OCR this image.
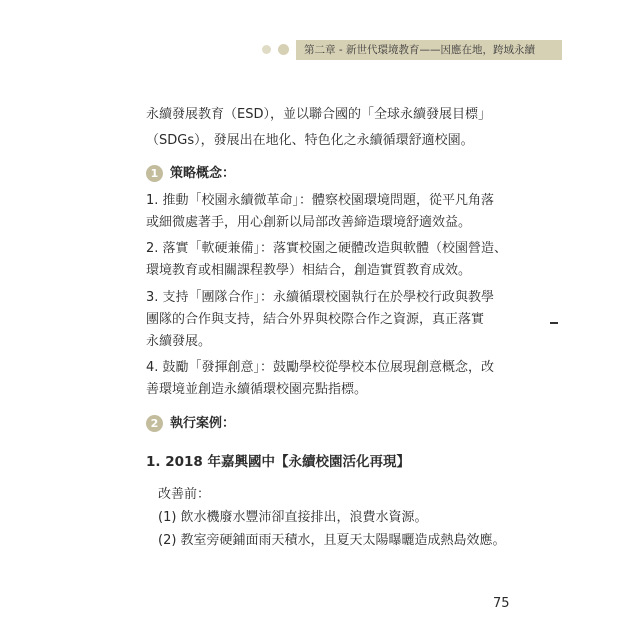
第二章 - 新世代環境教育——因應在地，跨域永續
永續發展教育（ESD），並以聯合國的「全球永續發展目標」
（SDGs），發展出在地化、特色化之永續循環舒適校園。
1 策略概念：
1. 推動「校園永續微革命」：體察校園環境問題，從平凡角落
或細微處著手，用心創新以局部改善締造環境舒適效益。
2. 落實「軟硬兼備」：落實校園之硬體改造與軟體（校園營造、
環境教育或相關課程教學）相結合，創造實質教育成效。
3. 支持「團隊合作」：永續循環校園執行在於學校行政與教學
團隊的合作與支持，結合外界與校際合作之資源，真正落實
永續發展。
4. 鼓勵「發揮創意」：鼓勵學校從學校本位展現創意概念，改
善環境並創造永續循環校園亮點指標。
2 執行案例：
1. 2018 年嘉興國中【永續校園活化再現】
改善前：
(1) 飲水機廢水豐沛卻直接排出，浪費水資源。
(2) 教室旁硬鋪面雨天積水，且夏天太陽曝曬造成熱島效應。
75
